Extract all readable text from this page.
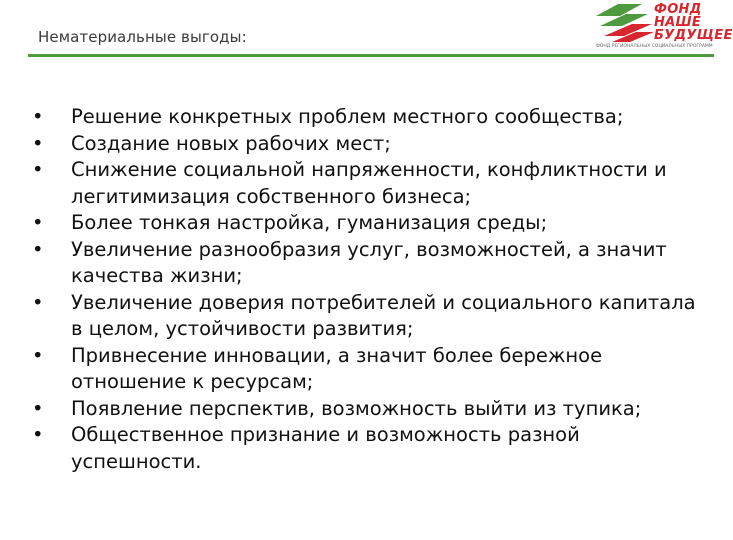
Нематериальные выгоды:
ФОНД
НАШЕ
БУДУЩЕЕ
ФОНД РЕГИОНАЛЬНЫХ СОЦИАЛЬНЫХ ПРОГРАММ
•	Решение конкретных проблем местного сообщества;
•	Создание новых рабочих мест;
•	Снижение социальной напряженности, конфликтности и легитимизация собственного бизнеса;
•	Более тонкая настройка, гуманизация среды;
•	Увеличение разнообразия услуг, возможностей, а значит качества жизни;
•	Увеличение доверия потребителей и социального капитала в целом, устойчивости развития;
•	Привнесение инновации, а значит более бережное отношение к ресурсам;
•	Появление перспектив, возможность выйти из тупика;
•	Общественное признание и возможность разной успешности.
